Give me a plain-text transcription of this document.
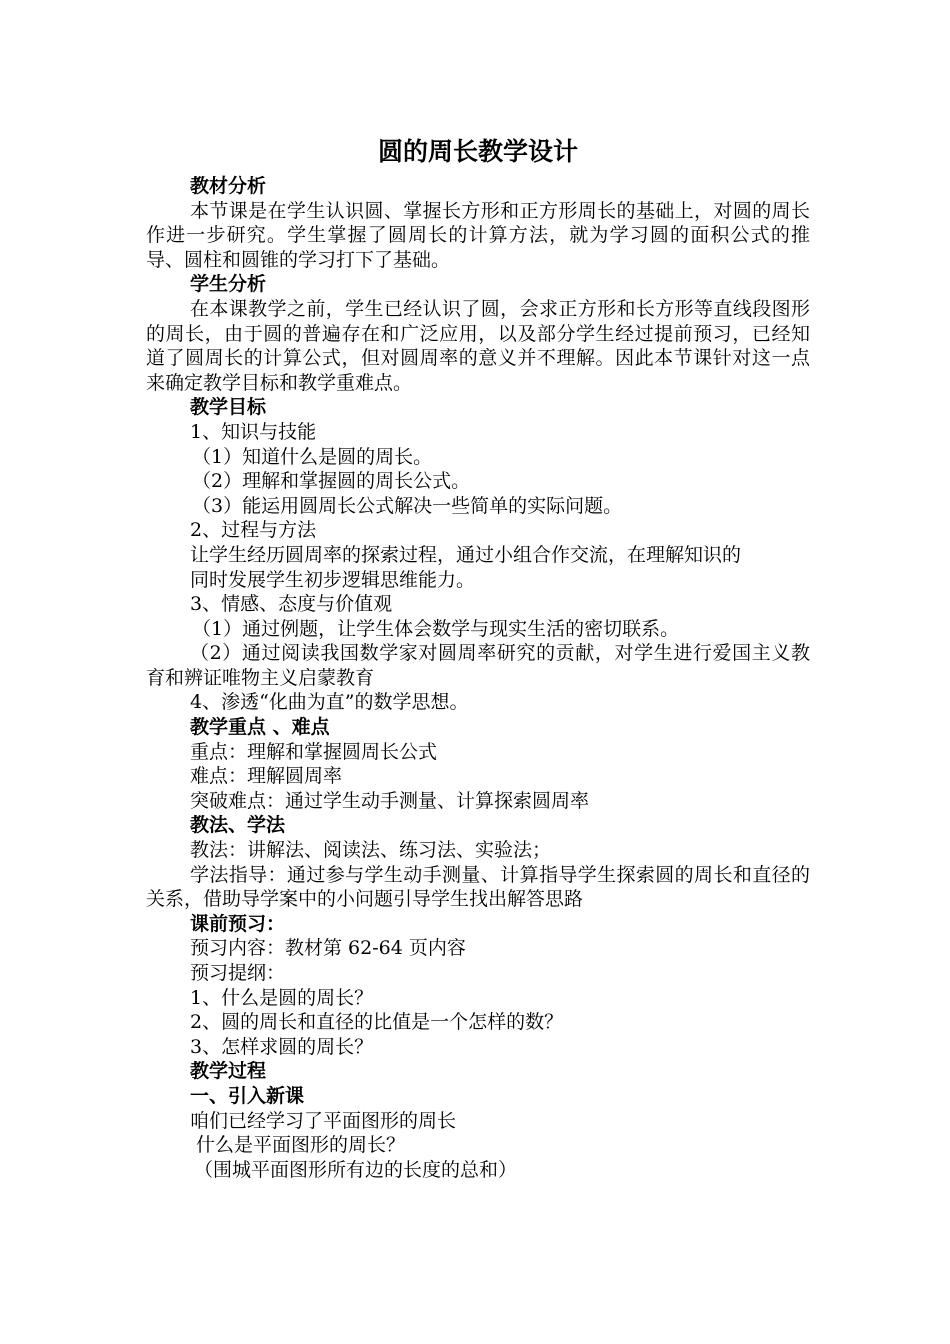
圆的周长教学设计
教材分析

本节课是在学生认识圆、掌握长方形和正方形周长的基础上，对圆的周长作进一步研究。学生掌握了圆周长的计算方法，就为学习圆的面积公式的推导、圆柱和圆锥的学习打下了基础。

学生分析

在本课教学之前，学生已经认识了圆，会求正方形和长方形等直线段图形的周长，由于圆的普遍存在和广泛应用，以及部分学生经过提前预习，已经知道了圆周长的计算公式，但对圆周率的意义并不理解。因此本节课针对这一点来确定教学目标和教学重难点。

教学目标
1、知识与技能
（1）知道什么是圆的周长。
（2）理解和掌握圆的周长公式。
（3）能运用圆周长公式解决一些简单的实际问题。
2、过程与方法

让学生经历圆周率的探索过程，通过小组合作交流，在理解知识的

同时发展学生初步逻辑思维能力。
3、情感、态度与价值观
（1）通过例题，让学生体会数学与现实生活的密切联系。

（2）通过阅读我国数学家对圆周率研究的贡献，对学生进行爱国主义教育和辨证唯物主义启蒙教育

4、渗透“化曲为直”的数学思想。
教学重点 、难点
重点：理解和掌握圆周长公式
难点：理解圆周率
突破难点：通过学生动手测量、计算探索圆周率
教法、学法
教法：讲解法、阅读法、练习法、实验法；

学法指导：通过参与学生动手测量、计算指导学生探索圆的周长和直径的关系，借助导学案中的小问题引导学生找出解答思路

课前预习：
预习内容：教材第 62-64 页内容
预习提纲：
1、什么是圆的周长？
2、圆的周长和直径的比值是一个怎样的数？
3、怎样求圆的周长？
教学过程
一、引入新课
咱们已经学习了平面图形的周长
什么是平面图形的周长？
（围城平面图形所有边的长度的总和）
